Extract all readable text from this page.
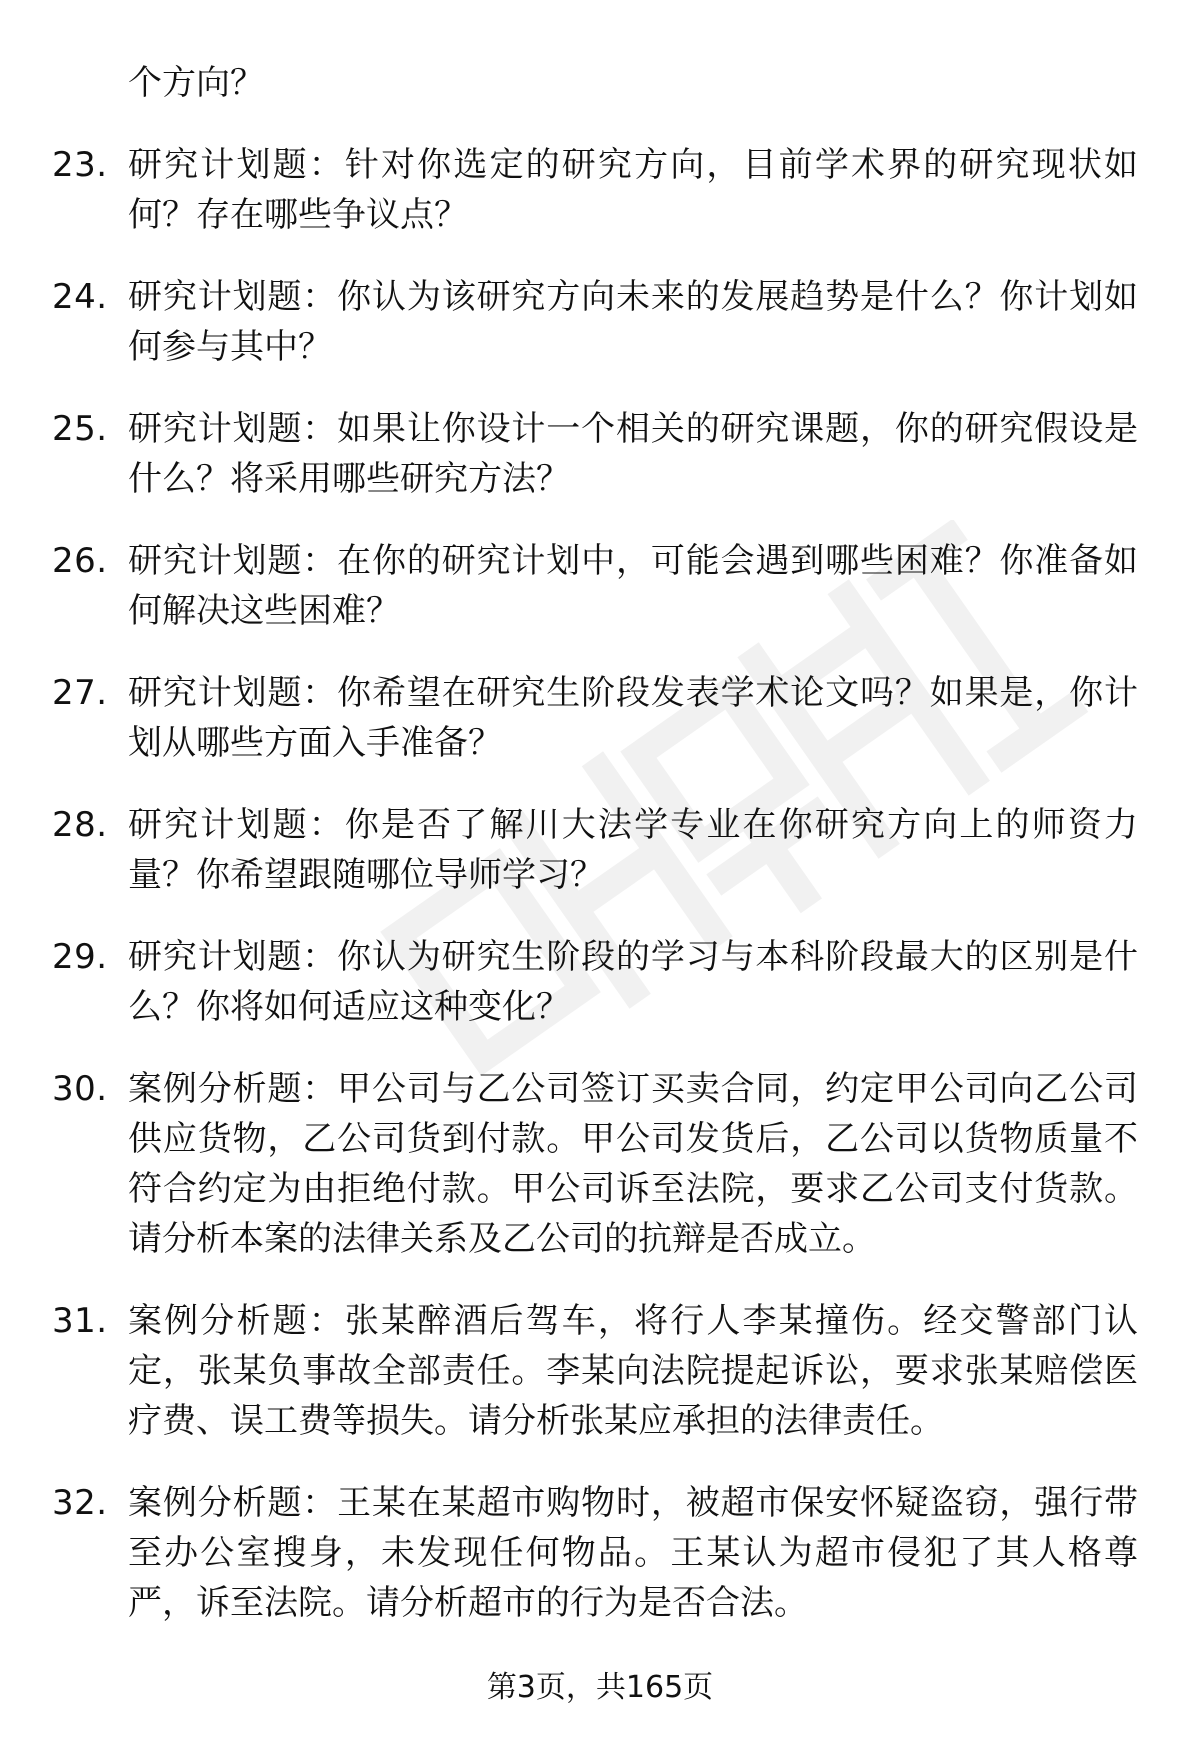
个方向？

23. 研究计划题：针对你选定的研究方向，目前学术界的研究现状如何？存在哪些争议点？
24. 研究计划题：你认为该研究方向未来的发展趋势是什么？你计划如何参与其中？
25. 研究计划题：如果让你设计一个相关的研究课题，你的研究假设是什么？将采用哪些研究方法？
26. 研究计划题：在你的研究计划中，可能会遇到哪些困难？你准备如何解决这些困难？
27. 研究计划题：你希望在研究生阶段发表学术论文吗？如果是，你计划从哪些方面入手准备？
28. 研究计划题：你是否了解川大法学专业在你研究方向上的师资力量？你希望跟随哪位导师学习？
29. 研究计划题：你认为研究生阶段的学习与本科阶段最大的区别是什么？你将如何适应这种变化？
30. 案例分析题：甲公司与乙公司签订买卖合同，约定甲公司向乙公司供应货物，乙公司货到付款。甲公司发货后，乙公司以货物质量不符合约定为由拒绝付款。甲公司诉至法院，要求乙公司支付货款。请分析本案的法律关系及乙公司的抗辩是否成立。
31. 案例分析题：张某醉酒后驾车，将行人李某撞伤。经交警部门认定，张某负事故全部责任。李某向法院提起诉讼，要求张某赔偿医疗费、误工费等损失。请分析张某应承担的法律责任。
32. 案例分析题：王某在某超市购物时，被超市保安怀疑盗窃，强行带至办公室搜身，未发现任何物品。王某认为超市侵犯了其人格尊严，诉至法院。请分析超市的行为是否合法。
第3页，共165页
